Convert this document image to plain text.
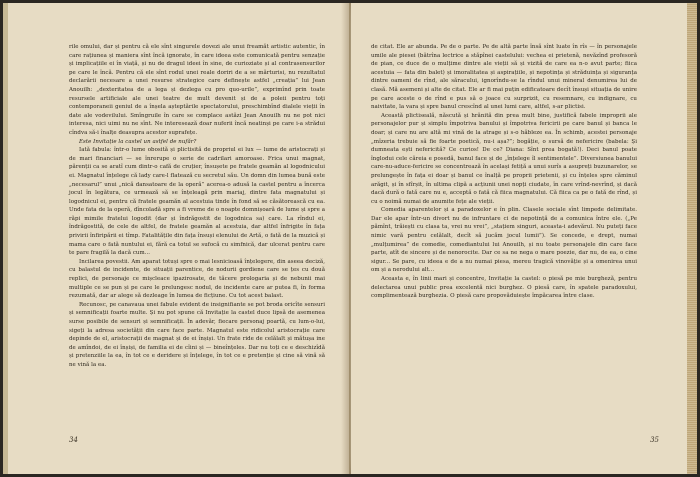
rile omului, dar și pentru că ele sînt singurele dovezi ale unui freamăt artistic autentic, în care rațiunea și maniera sînt încă ignorate, în care ideea este comunicată pentru senzație și implicațiile ei în viață, și nu de dragul ideei în sine, de curioziate și al contrasensurilor pe care le încă. Pentru că ele sînt rodul unei reale doriri de a se mărturisi, nu rezultatul declarării necesare a unei resurse strategice care definește astfel „creația” lui Jean Anouilh: „dexteritatea de a lega și dezlega cu pro quo-urile”, exprimînd prin toate resursele artificiale ale unei teatre de mult devenit și de a poleii pentru toți contemporaneii geniul de a înșela așteptările spectatorului, preschimbînd dialele vieții în date ale vodevilului. Smîngruile în care se complace astăzi Jean Anouilh nu ne pot nici interesa, nici uimi nu ne sînt. Ne interesează doar nuferii încă neatinși pe care i-a strădui cîndva să-i înalțe deasupra acestor suprafețe.

Este Invitație la castel un astfel de nufăr?

Iată fabula: într-o lume obosită și plictisită de propriul ei lux — lume de aristocrați și de mari financiari — se înrerupe o serie de cadrilari amoroase. Frica unui magnat, părenții ca se aratî cum dintr-o cafă de cruțier, însușete pe fratele geamăn al logodnicului ei. Magnatul înțelege că lady care-l flatează cu secretul său. Un domn din lumea bună este „necesarul” unui „nică dansatoare de la operă” acerea-o adusă la castel pentru a încerca jocul în legătura, ce urmează să se înțeleagă prin mariaj, dintre fata magnatului și logodnicul ei, pentru că fratele geamăn al acestuia tinde în fond să se căsătorească cu ea. Unde fata de la operă, dîncoladă spre a fi vreme de o noapte domnișoară de lume și spre a răpi mimile fratelui logodit (dar și îndrăgostit de logodnica sa) care. La rîndul ei, îndrăgostită, de cele de altfel, de fratele geamăn al acestuia, dar altfel înfrigite în fața privirii înfiripării ei tîmp. Fatalitățile din fața însuși elenului de Artă, o fată de la muzică și mama care o fată nuntului ei, fără ca totul se sufocă cu simfnică, dar ulcerat pentru care te pare fragilă la dacă cum...

Incilarea povestii. Am aparat totuși spre o mai lesnicioasă înțelegere, din aseea deciză, cu balastul de incidente, de situații parentice, de nodurii gordiene care se țes cu două replici, de personaje ce mișcleace ipazirosate, de tăcere prologaria și de nebunii mai multiple ce se pun și pe care le prelungesc nodul, de incidente care ar putea fi, în forma rezumată, dar ar alege să dezleage în lumea de ficțiune. Cu tot acest balast.

Recunosc, pe canavaua unei fabule evident de insignifiante se pot broda oricîte sensuri și semnificații foarte multe. Și nu pot spune că Invitație la castel duce lipsă de asemenea surse posibile de sensuri și semnificații. În adevăr, fiecare personaj poartă, cu lum-o-lui, sigeți la adresa societății din care face parte. Magnatul este ridicolul aristocrație care depinde de el, aristocrații de magnat și de ei înșiși. Un frate ride de celălalt și mătușa ine de amîndoi, de ei înșiși, de familia ei de cîini și — bineînțeles. Dar nu toți ce e deschizîdă și pretenziile la ea, în tot ce e deridere și înțelege, în tot ce e pretenție și cine să vină să ne vină la ea.

34

de citat. Ele ar abunda. Pe de o parte. Pe de altă parte însă sînt luate în rîs — în personajele umile ale piesei (bătrîna lectrice a stăpînei castelului: vechea ei prietenă, nevăzînd profesoră de pian, ce duce de o mulțime dintre ale vieții să și vizită de care ea n-o avut parte; fiica acestuia — fata din balet) și imoralitatea și aspirațiile, și nepotința și străduința și siguranța dintre oameni de rînd, ale săracului, ignorîndu-se la rîndul unui mineral denumirea lui de clasă. Mă asemeni și alte de citat. Ele ar fi mai puțin edificatoare decît însuși situația de unire pe care aceste o de rînd e pus să o joace cu surprizit, cu resemnare, cu indignare, cu naivitate, la vara și spre banul crescînd al unei lumi care, altfel, s-ar plictisi.

Această plictiseală, născută și hrănită din prea mult bine, justifică fabele improprii ale personajelor pur și simplu împotriva banului și împotriva fericirii pe care banul și banca le doar; și care nu are altă mi vină de la atrage și s-o hăbleze ea. În schimb, acestei personaje „mîzeria trebuie să fie foarte poetică, nu-i așa?”; bogăție, o sursă de nefericire (babela: Și dumneata ești nefericită? Ce curios! De ce? Diana: Sînt prea bogată!). Deci banul poate înglodui cele căreia e posedă, banul face și de „înțelege îl sentimentele”. Diversiunea banului care-nu-aduce-fericire se concentrează în același fetiță a unui surîs a asupreți buzunarelor, se prelungește în fața ei doar și banul ce înalță pe proprii prietenii, și cu înțeles spre căminul arăgit, și în sfîrșit, în ultima clipă a acțiunii unei nopți ciudate, în care vrînd-nevrînd, și dacă dacă dură o fată care nu e, acceptă o fată că fiica magnatului. Că fiica ca pe o fată de rînd, și cu o noimă numai de anumite fețe ale vieții.

Comedia aparentelor și a paradoxelor e în plin. Clasele sociale sînt limpede delimitate. Dar ele apar într-un divort nu de infruntare ci de nepotință de a comunica între ele. („Pe pămînt, trăiești cu clasa ta, vrei nu vrei”, „stațiem singuri, aceasta-i adevărul. Nu puteți face nimic vară pentru celălalt, decît să jucăm jocul lumii”). Se concede, e drept, numai „mulțumirea” de comedie, comediantului lui Anouilh, și nu toate personajele din care face parte, atît de sincere și de nenorocite. Dar ce sa ne nega o mare poezie, dar nu, de ea, o cine sigur... Se pare, cu ideea e de a nu numai piesa, mereu tragică vinovăție și a omenirea unui om și a nerodului alt...

Aceasta e, în linii mari și concentre, Invitație la castel: o piesă pe mie burgheză, pentru delectarea unui public prea excelentă nici burghez. O piesă care, în spatele paradoxului, complimentează burghezia. O piesă care propovăduiește împăcarea între clase.

35
